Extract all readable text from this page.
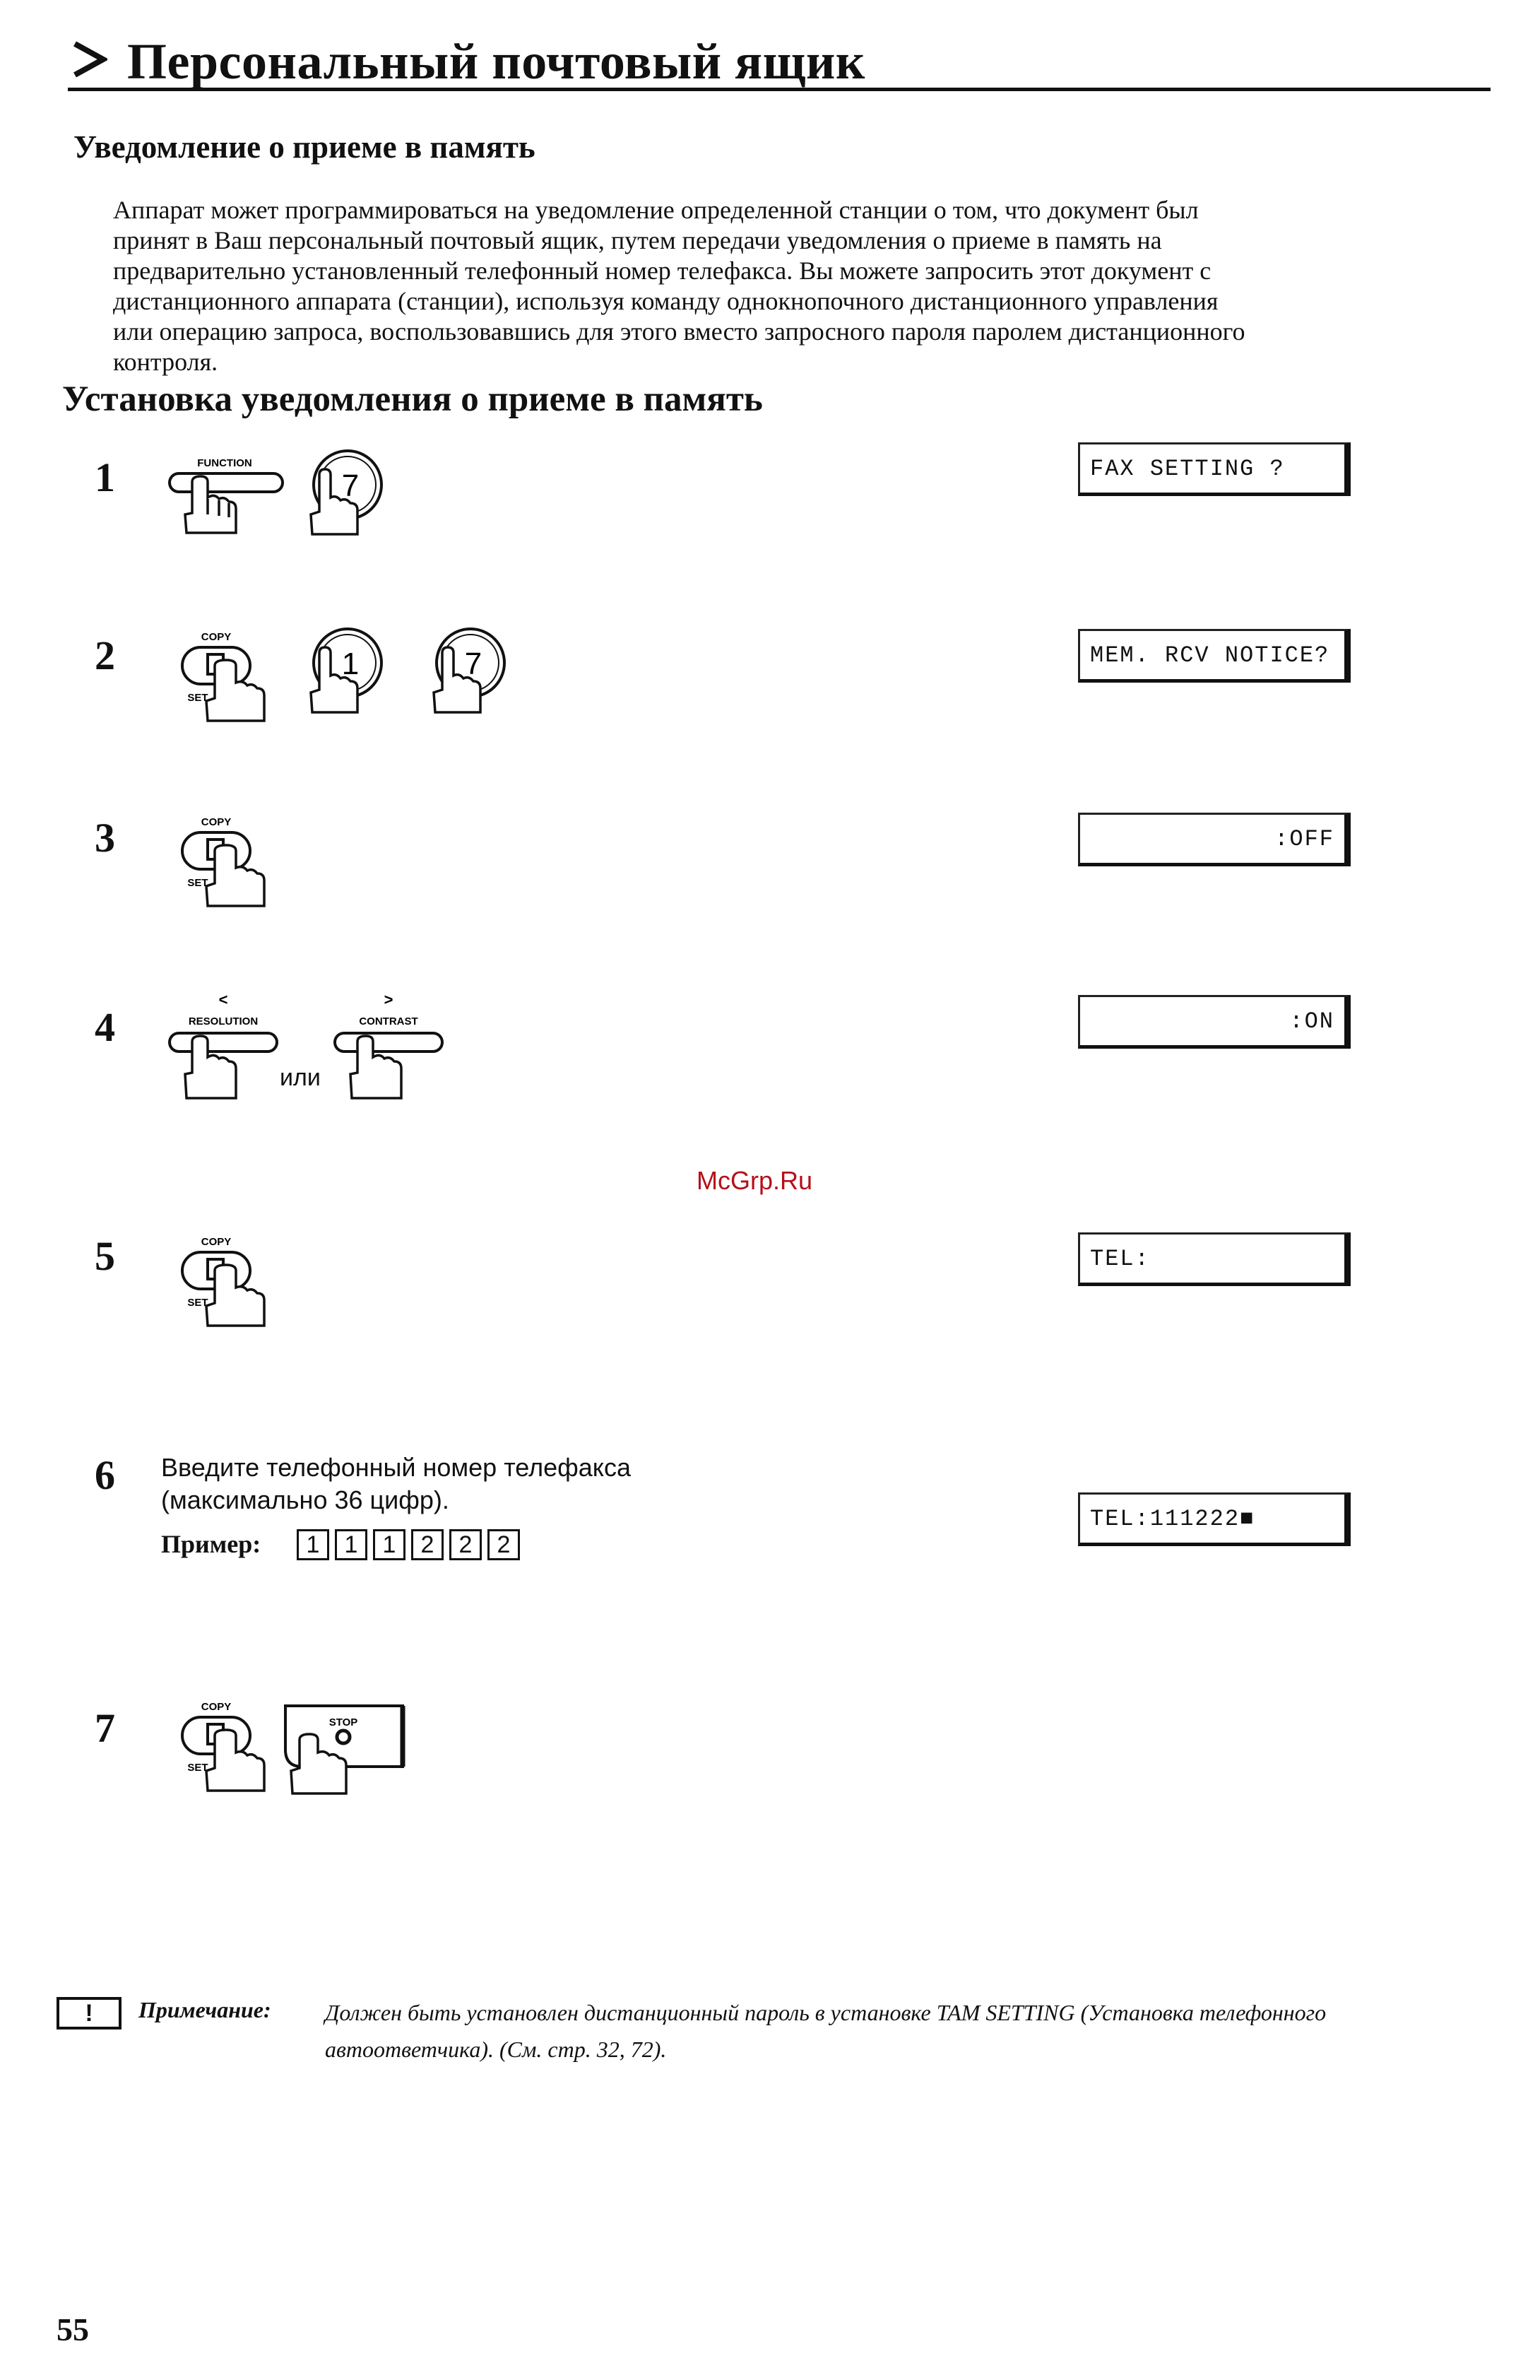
Персональный почтовый ящик
Уведомление о приеме в память

Аппарат может программироваться на уведомление определенной станции о том, что документ был

принят в Ваш персональный почтовый ящик, путем передачи уведомления о приеме в память на

предварительно установленный телефонный номер телефакса. Вы можете запросить этот документ с

дистанционного аппарата (станции), используя команду однокнопочного дистанционного управления

или операцию запроса, воспользовавшись для этого вместо запросного пароля паролем дистанционного

контроля.

Установка уведомления о приеме в память
1
2
3
4
5
6
7
FAX SETTING ?
MEM. RCV NOTICE?
:OFF
:ON
TEL:
TEL:111222■
FUNCTION
7
COPY
SET
1	7
COPY
SET
<
RESOLUTION
или
>
CONTRAST
McGrp.Ru
COPY
SET

Введите телефонный номер телефакса

(максимально 36 цифр).

Пример:	1	1	1	2	2	2
COPY
SET
STOP
!	Примечание: Должен быть установлен дистанционный пароль в установке TAM SETTING (Установка телефонного

автоответчика). (См. стр. 32, 72).

55
